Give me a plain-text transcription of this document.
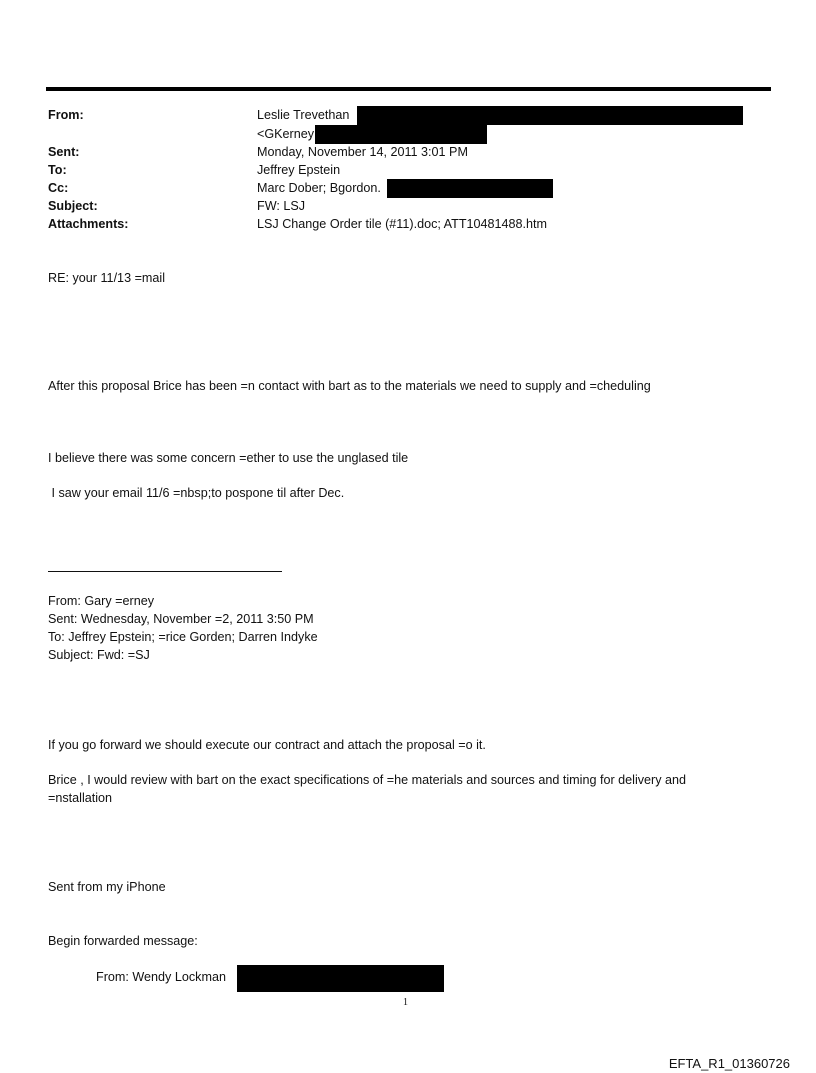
From:	Leslie Trevethan
<GKerney
Sent:	Monday, November 14, 2011 3:01 PM
To:	Jeffrey Epstein
Cc:	Marc Dober; Bgordon.
Subject:	FW: LSJ
Attachments:	LSJ Change Order tile (#11).doc; ATT10481488.htm
RE: your 11/13 =mail
After this proposal Brice has been =n contact with bart as to the materials we need to supply and =cheduling
I believe there was some concern =ether to use the unglased tile
I saw your email 11/6 =nbsp;to pospone til after Dec.
From: Gary =erney
Sent: Wednesday, November =2, 2011 3:50 PM
To: Jeffrey Epstein; =rice Gorden; Darren Indyke
Subject: Fwd: =SJ
If you go forward we should execute our contract and attach the proposal =o it.
Brice , I would review with bart on the exact specifications of =he materials and sources and timing for delivery and
=nstallation
Sent from my iPhone
Begin forwarded message:
From: Wendy Lockman
1
EFTA_R1_01360726
